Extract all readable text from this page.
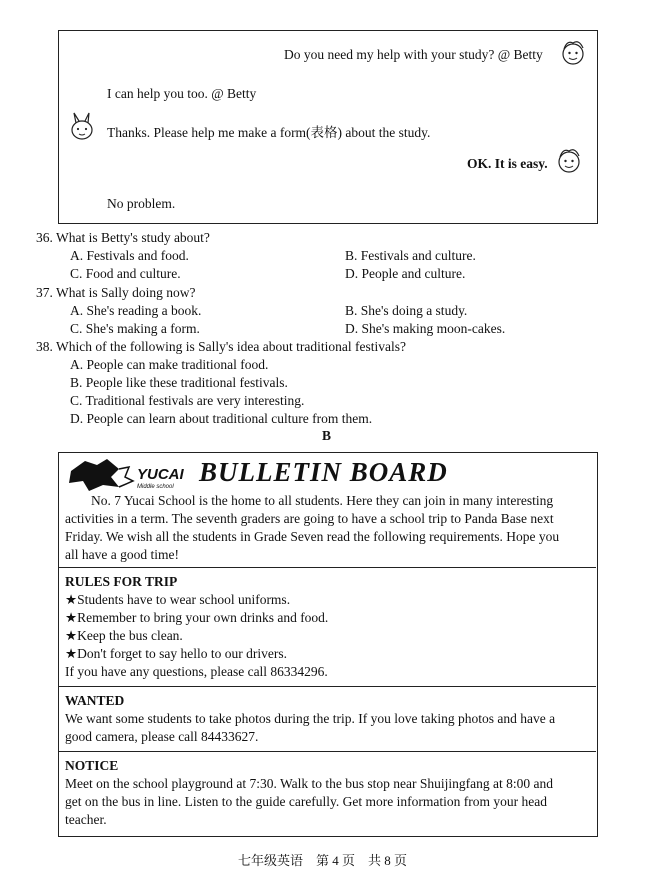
Do you need my help with your study? @ Betty
I can help you too. @ Betty
Thanks. Please help me make a form(表格) about the study.
OK. It is easy.
No problem.
36. What is Betty's study about?
A. Festivals and food.	B. Festivals and culture.
C. Food and culture.	D. People and culture.
37. What is Sally doing now?
A. She's reading a book.	B. She's doing a study.
C. She's making a form.	D. She's making moon-cakes.
38. Which of the following is Sally's idea about traditional festivals?
A. People can make traditional food.
B. People like these traditional festivals.
C. Traditional festivals are very interesting.
D. People can learn about traditional culture from them.
B
YUCAI
Middle school BULLETIN BOARD
No. 7 Yucai School is the home to all students. Here they can join in many interesting
activities in a term. The seventh graders are going to have a school trip to Panda Base next
Friday. We wish all the students in Grade Seven read the following requirements. Hope you
all have a good time!
RULES FOR TRIP
★Students have to wear school uniforms.
★Remember to bring your own drinks and food.
★Keep the bus clean.
★Don't forget to say hello to our drivers.
If you have any questions, please call 86334296.
WANTED
We want some students to take photos during the trip. If you love taking photos and have a
good camera, please call 84433627.
NOTICE
Meet on the school playground at 7:30. Walk to the bus stop near Shuijingfang at 8:00 and
get on the bus in line. Listen to the guide carefully. Get more information from your head
teacher.
七年级英语　第 4 页　共 8 页
